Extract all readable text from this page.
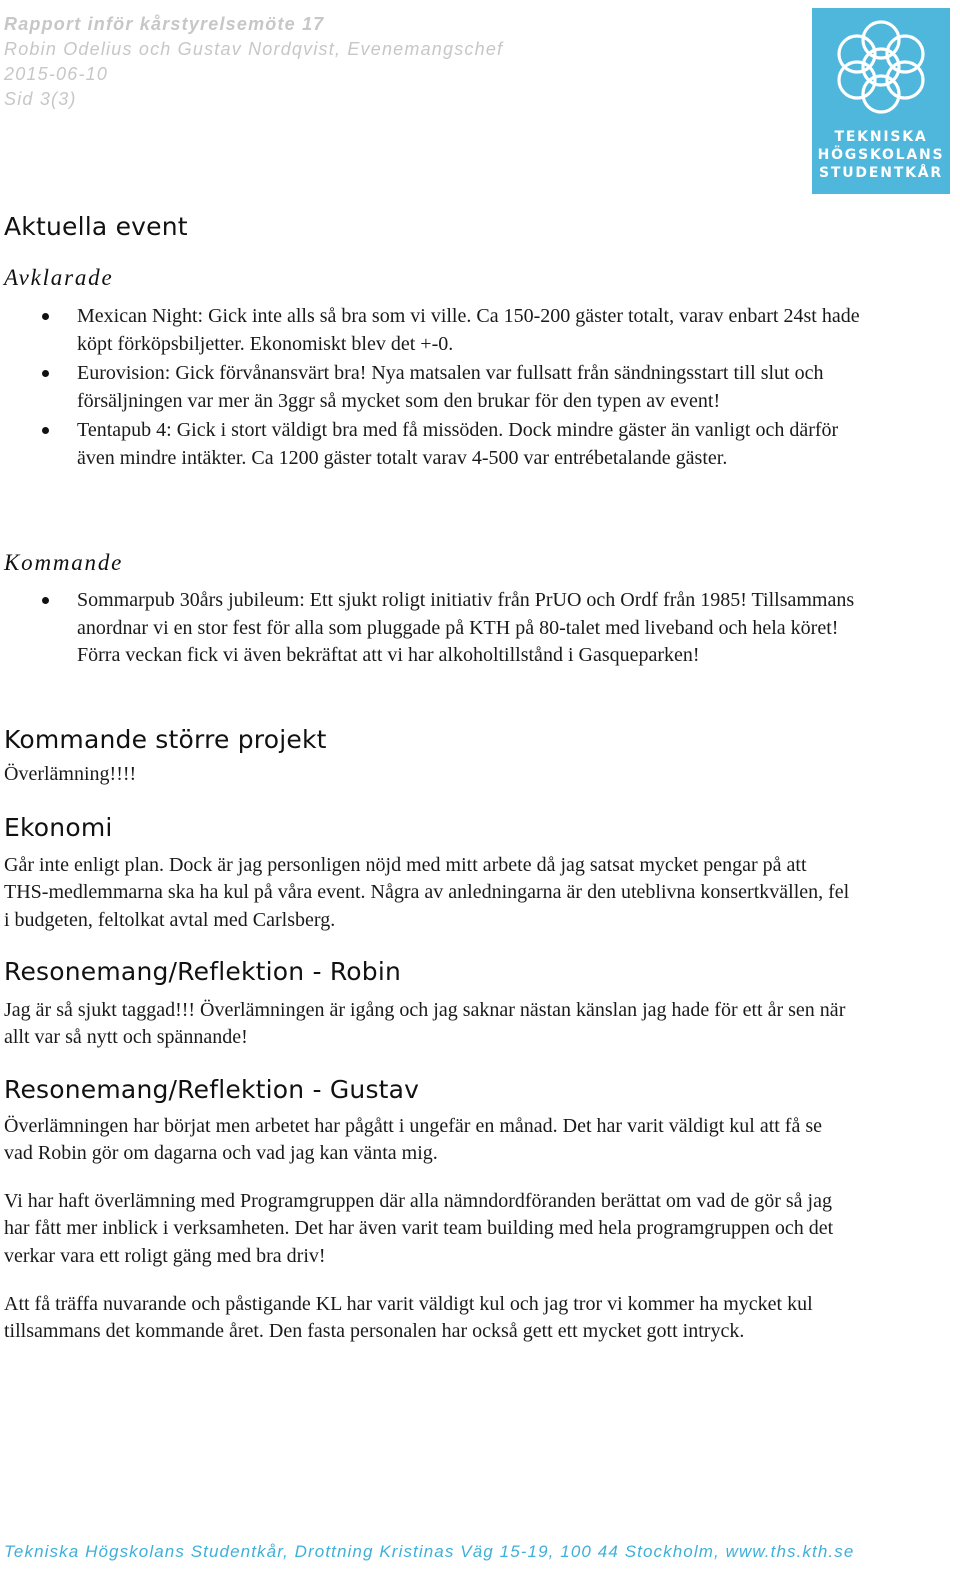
Rapport inför kårstyrelsemöte 17
Robin Odelius och Gustav Nordqvist, Evenemangschef
2015-06-10
Sid 3(3)
TEKNISKA
HÖGSKOLANS
STUDENTKÅR
Aktuella event
Avklarade
Mexican Night: Gick inte alls så bra som vi ville. Ca 150-200 gäster totalt, varav enbart 24st hade köpt förköpsbiljetter. Ekonomiskt blev det +-0.
Eurovision: Gick förvånansvärt bra! Nya matsalen var fullsatt från sändningsstart till slut och försäljningen var mer än 3ggr så mycket som den brukar för den typen av event!
Tentapub 4: Gick i stort väldigt bra med få missöden. Dock mindre gäster än vanligt och därför även mindre intäkter. Ca 1200 gäster totalt varav 4-500 var entrébetalande gäster.
Kommande
Sommarpub 30års jubileum: Ett sjukt roligt initiativ från PrUO och Ordf från 1985! Tillsammans anordnar vi en stor fest för alla som pluggade på KTH på 80-talet med liveband och hela köret! Förra veckan fick vi även bekräftat att vi har alkoholtillstånd i Gasqueparken!
Kommande större projekt
Överlämning!!!!
Ekonomi
Går inte enligt plan. Dock är jag personligen nöjd med mitt arbete då jag satsat mycket pengar på att THS-medlemmarna ska ha kul på våra event. Några av anledningarna är den uteblivna konsertkvällen, fel i budgeten, feltolkat avtal med Carlsberg.
Resonemang/Reflektion - Robin
Jag är så sjukt taggad!!! Överlämningen är igång och jag saknar nästan känslan jag hade för ett år sen när allt var så nytt och spännande!
Resonemang/Reflektion - Gustav
Överlämningen har börjat men arbetet har pågått i ungefär en månad. Det har varit väldigt kul att få se vad Robin gör om dagarna och vad jag kan vänta mig.
Vi har haft överlämning med Programgruppen där alla nämndordföranden berättat om vad de gör så jag har fått mer inblick i verksamheten. Det har även varit team building med hela programgruppen och det verkar vara ett roligt gäng med bra driv!
Att få träffa nuvarande och påstigande KL har varit väldigt kul och jag tror vi kommer ha mycket kul tillsammans det kommande året. Den fasta personalen har också gett ett mycket gott intryck.
Tekniska Högskolans Studentkår, Drottning Kristinas Väg 15-19, 100 44 Stockholm, www.ths.kth.se
